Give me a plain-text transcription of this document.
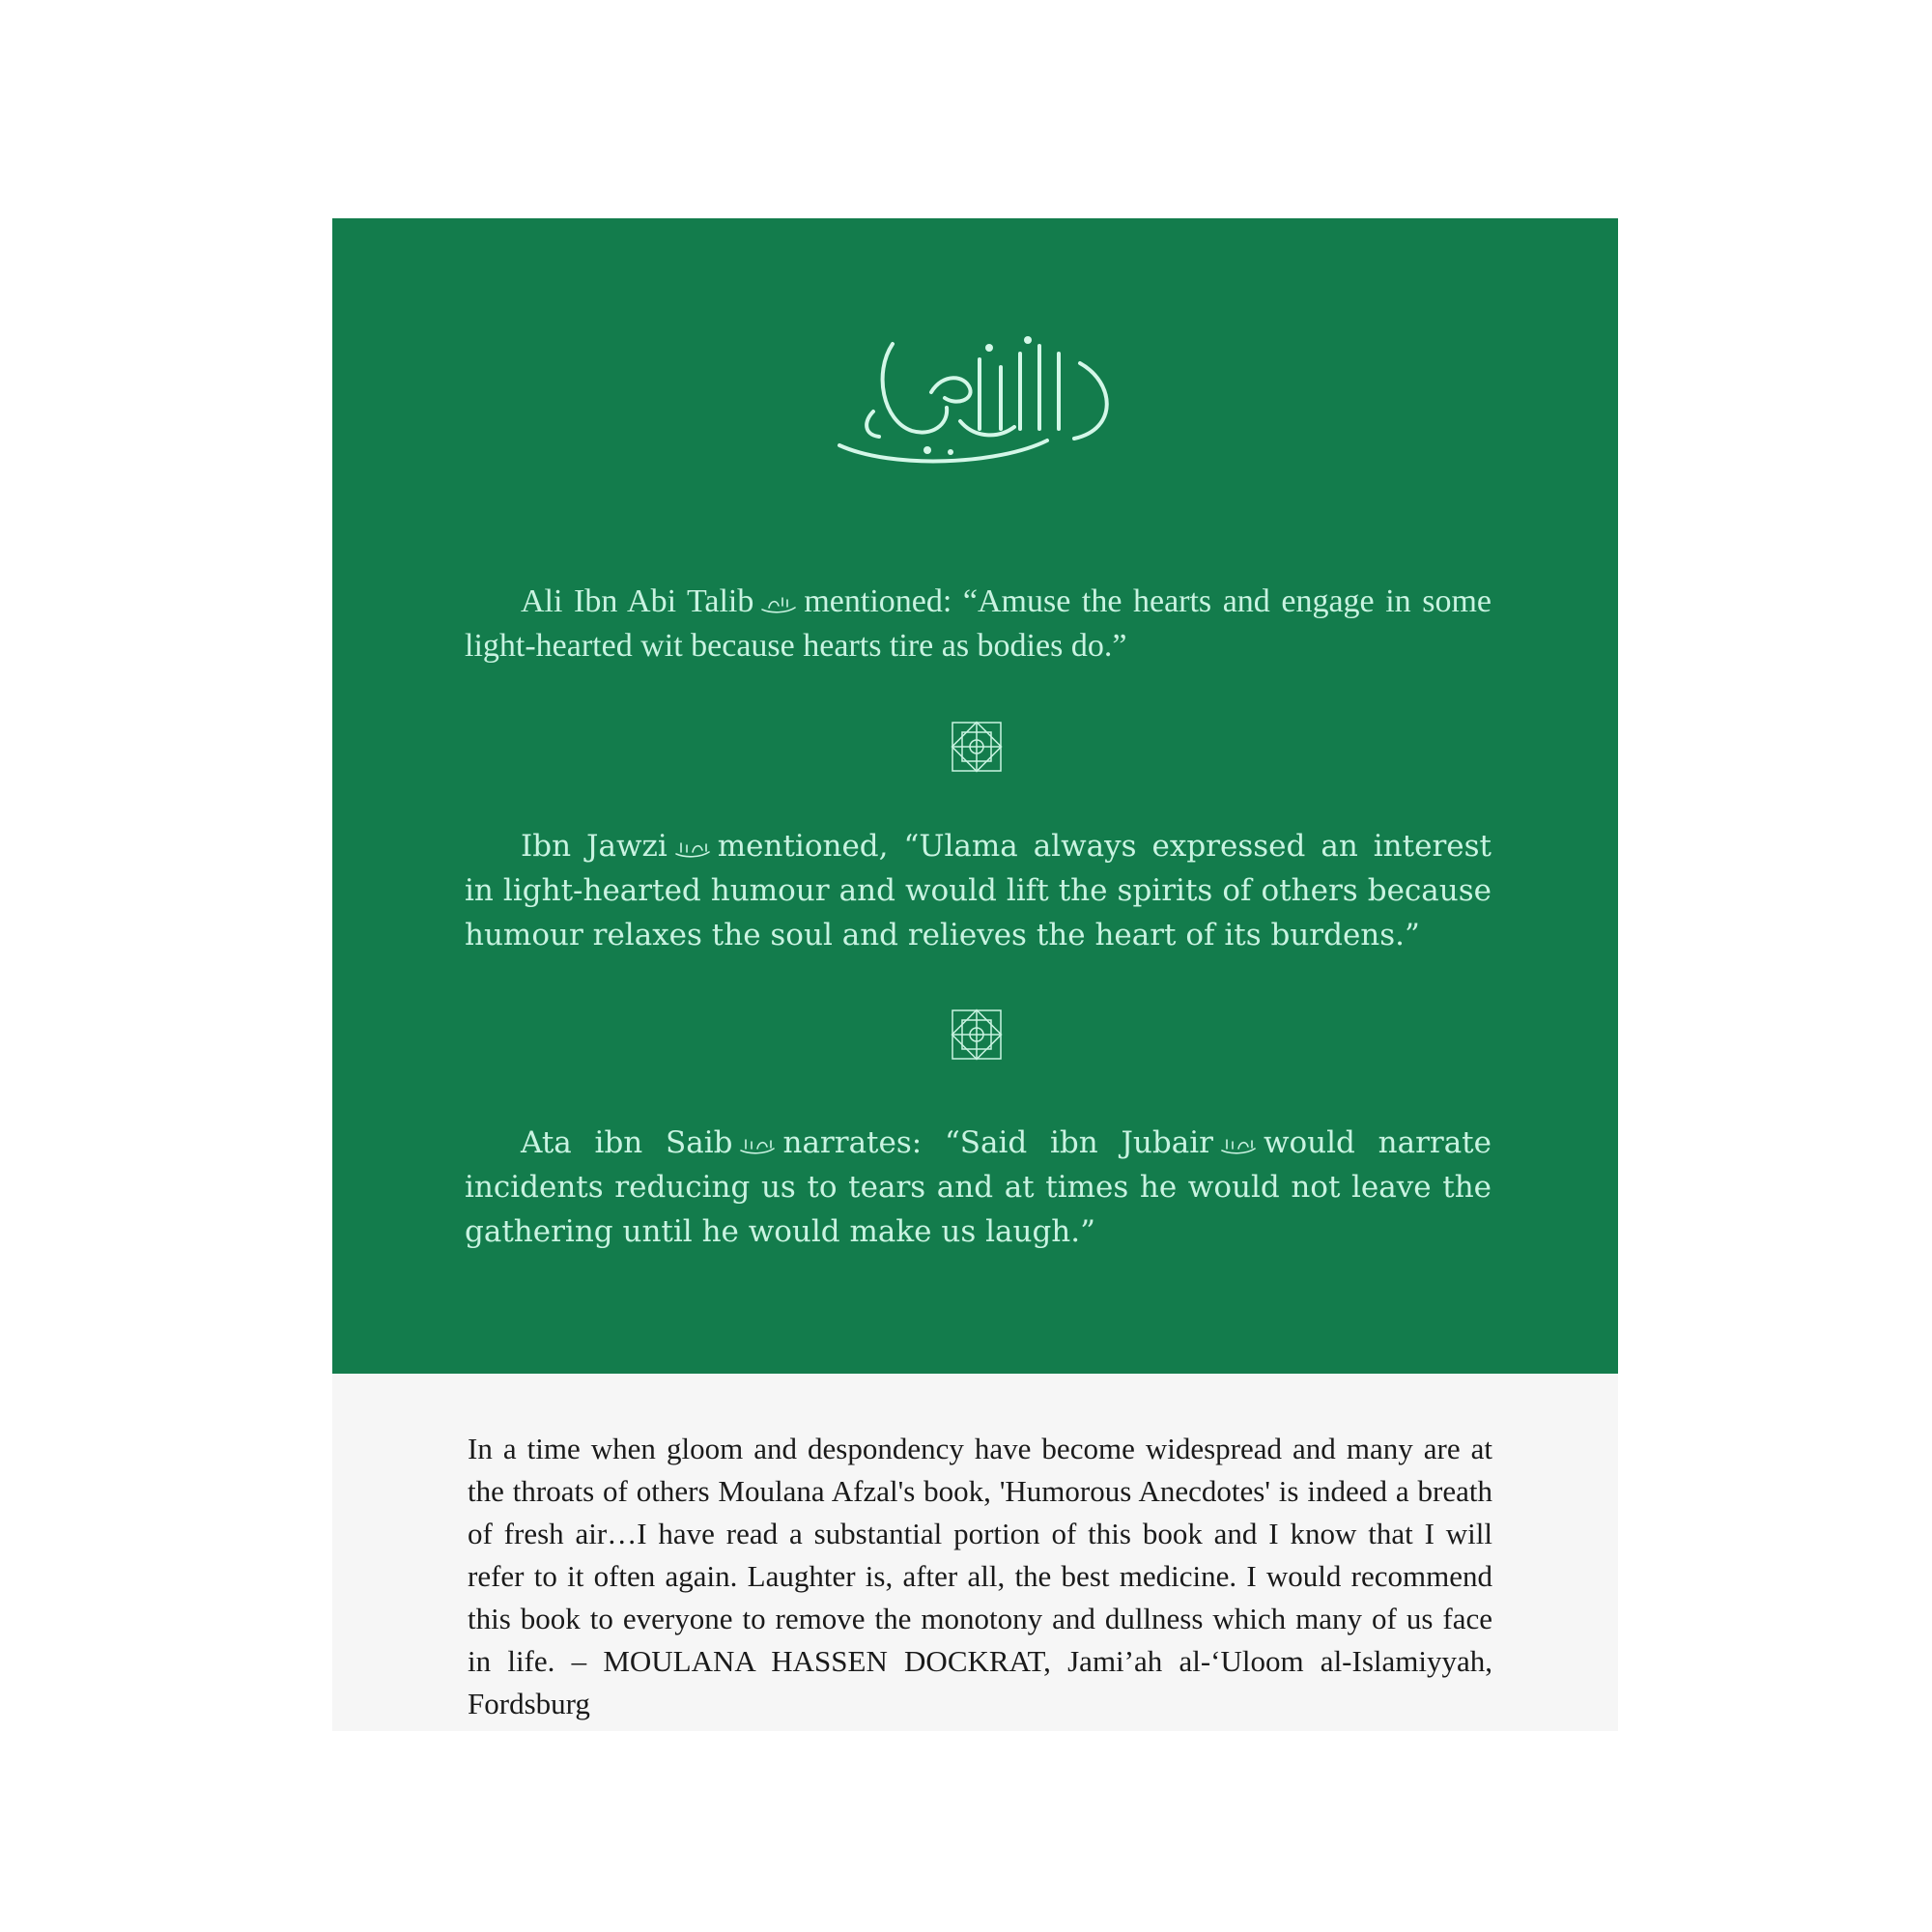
Ali Ibn Abi Talib mentioned: “Amuse the hearts and engage in some light-hearted wit because hearts tire as bodies do.”

Ibn Jawzi mentioned, “Ulama always expressed an interest in light-hearted humour and would lift the spirits of others because humour relaxes the soul and relieves the heart of its burdens.”

Ata ibn Saib narrates: “Said ibn Jubair would narrate incidents reducing us to tears and at times he would not leave the gathering until he would make us laugh.”

In a time when gloom and despondency have become widespread and many are at the throats of others Moulana Afzal's book, 'Humorous Anecdotes' is indeed a breath of fresh air…I have read a substantial portion of this book and I know that I will refer to it often again. Laughter is, after all, the best medicine. I would recommend this book to everyone to remove the monotony and dullness which many of us face in life. – MOULANA HASSEN DOCKRAT, Jami’ah al-‘Uloom al-Islamiyyah, Fordsburg
